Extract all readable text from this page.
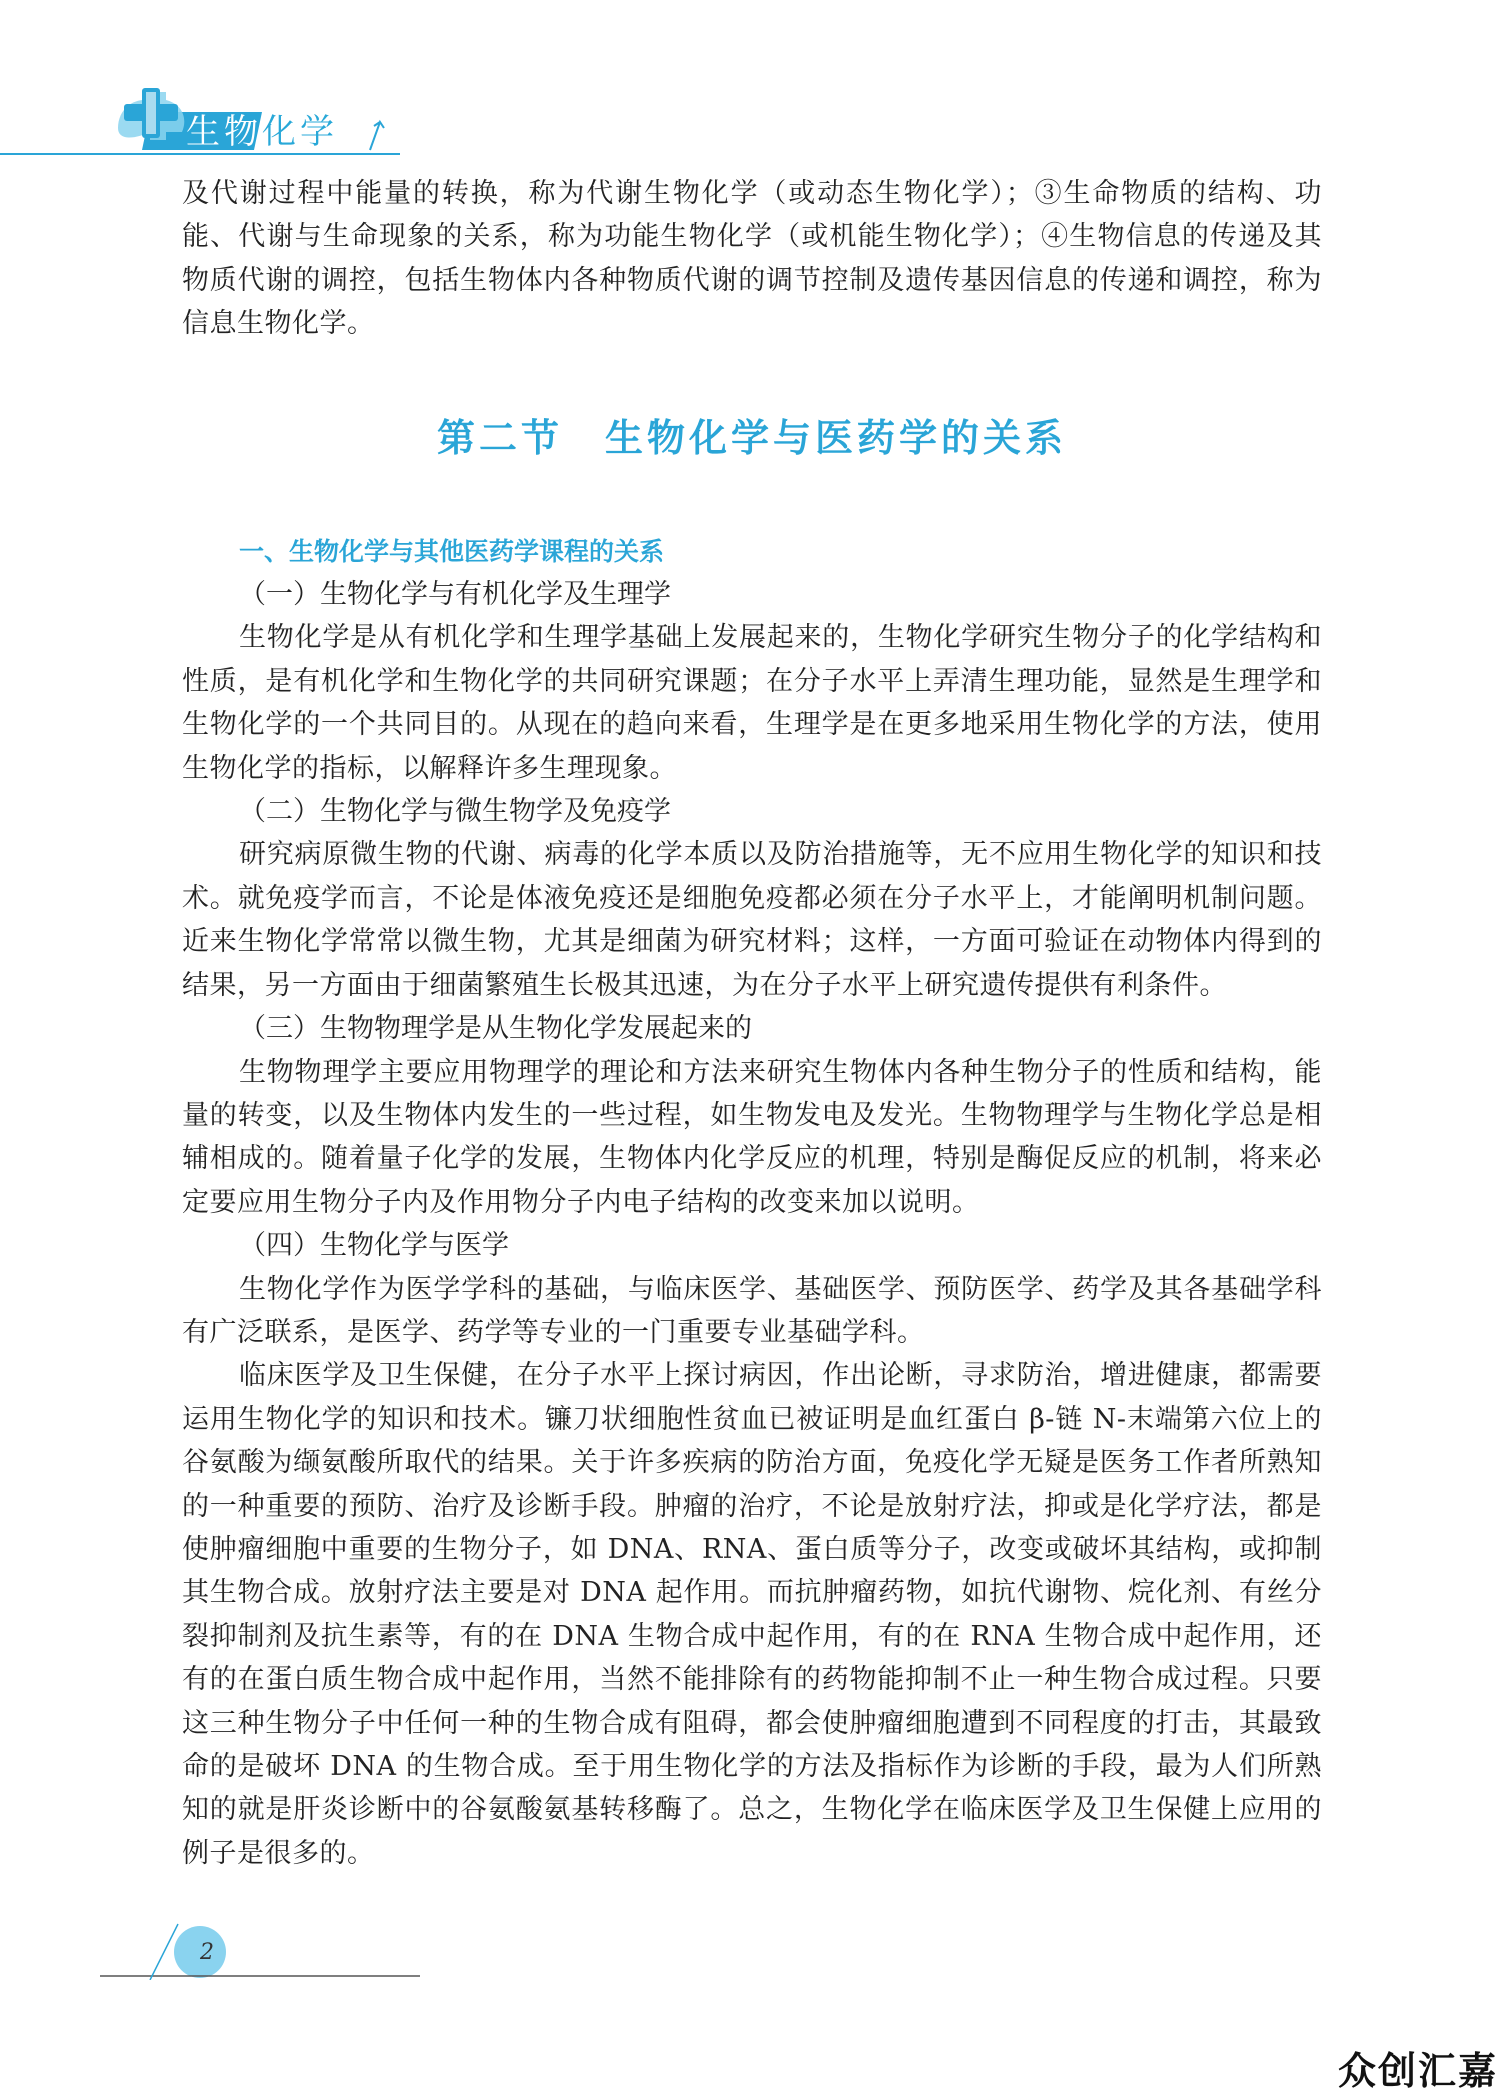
生物化学

及代谢过程中能量的转换，称为代谢生物化学（或动态生物化学）；③生命物质的结构、功能、代谢与生命现象的关系，称为功能生物化学（或机能生物化学）；④生物信息的传递及其物质代谢的调控，包括生物体内各种物质代谢的调节控制及遗传基因信息的传递和调控，称为信息生物化学。

第二节　生物化学与医药学的关系
一、生物化学与其他医药学课程的关系
（一）生物化学与有机化学及生理学

生物化学是从有机化学和生理学基础上发展起来的，生物化学研究生物分子的化学结构和性质，是有机化学和生物化学的共同研究课题；在分子水平上弄清生理功能，显然是生理学和生物化学的一个共同目的。从现在的趋向来看，生理学是在更多地采用生物化学的方法，使用生物化学的指标，以解释许多生理现象。

（二）生物化学与微生物学及免疫学

研究病原微生物的代谢、病毒的化学本质以及防治措施等，无不应用生物化学的知识和技术。就免疫学而言，不论是体液免疫还是细胞免疫都必须在分子水平上，才能阐明机制问题。近来生物化学常常以微生物，尤其是细菌为研究材料；这样，一方面可验证在动物体内得到的结果，另一方面由于细菌繁殖生长极其迅速，为在分子水平上研究遗传提供有利条件。

（三）生物物理学是从生物化学发展起来的

生物物理学主要应用物理学的理论和方法来研究生物体内各种生物分子的性质和结构，能量的转变，以及生物体内发生的一些过程，如生物发电及发光。生物物理学与生物化学总是相辅相成的。随着量子化学的发展，生物体内化学反应的机理，特别是酶促反应的机制，将来必定要应用生物分子内及作用物分子内电子结构的改变来加以说明。

（四）生物化学与医学

生物化学作为医学学科的基础，与临床医学、基础医学、预防医学、药学及其各基础学科有广泛联系，是医学、药学等专业的一门重要专业基础学科。

临床医学及卫生保健，在分子水平上探讨病因，作出论断，寻求防治，增进健康，都需要运用生物化学的知识和技术。镰刀状细胞性贫血已被证明是血红蛋白 β-链 N-末端第六位上的谷氨酸为缬氨酸所取代的结果。关于许多疾病的防治方面，免疫化学无疑是医务工作者所熟知的一种重要的预防、治疗及诊断手段。肿瘤的治疗，不论是放射疗法，抑或是化学疗法，都是使肿瘤细胞中重要的生物分子，如 DNA、RNA、蛋白质等分子，改变或破坏其结构，或抑制其生物合成。放射疗法主要是对 DNA 起作用。而抗肿瘤药物，如抗代谢物、烷化剂、有丝分裂抑制剂及抗生素等，有的在 DNA 生物合成中起作用，有的在 RNA 生物合成中起作用，还有的在蛋白质生物合成中起作用，当然不能排除有的药物能抑制不止一种生物合成过程。只要这三种生物分子中任何一种的生物合成有阻碍，都会使肿瘤细胞遭到不同程度的打击，其最致命的是破坏 DNA 的生物合成。至于用生物化学的方法及指标作为诊断的手段，最为人们所熟知的就是肝炎诊断中的谷氨酸氨基转移酶了。总之，生物化学在临床医学及卫生保健上应用的例子是很多的。

2
众创汇嘉
